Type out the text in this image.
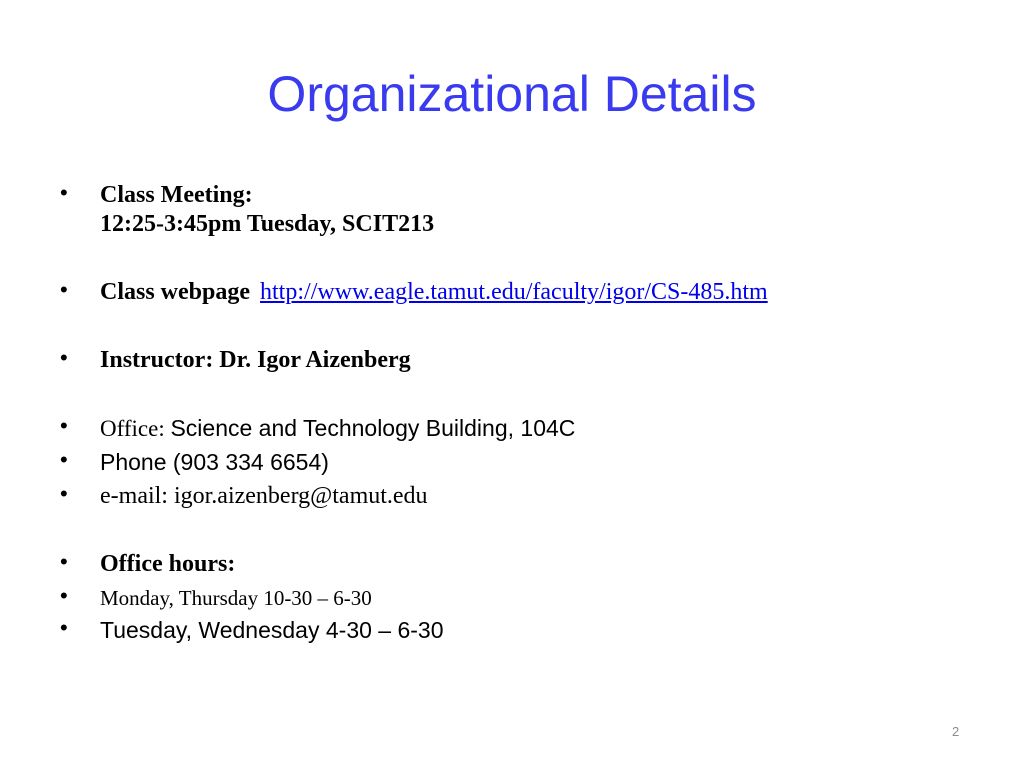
Organizational Details
• Class Meeting:
12:25-3:45pm Tuesday, SCIT213
• Class webpage http://www.eagle.tamut.edu/faculty/igor/CS-485.htm
• Instructor: Dr. Igor Aizenberg
• Office: Science and Technology Building, 104C
• Phone (903 334 6654)
• e-mail: igor.aizenberg@tamut.edu
• Office hours:
• Monday, Thursday 10-30 – 6-30
• Tuesday, Wednesday 4-30 – 6-30
2
